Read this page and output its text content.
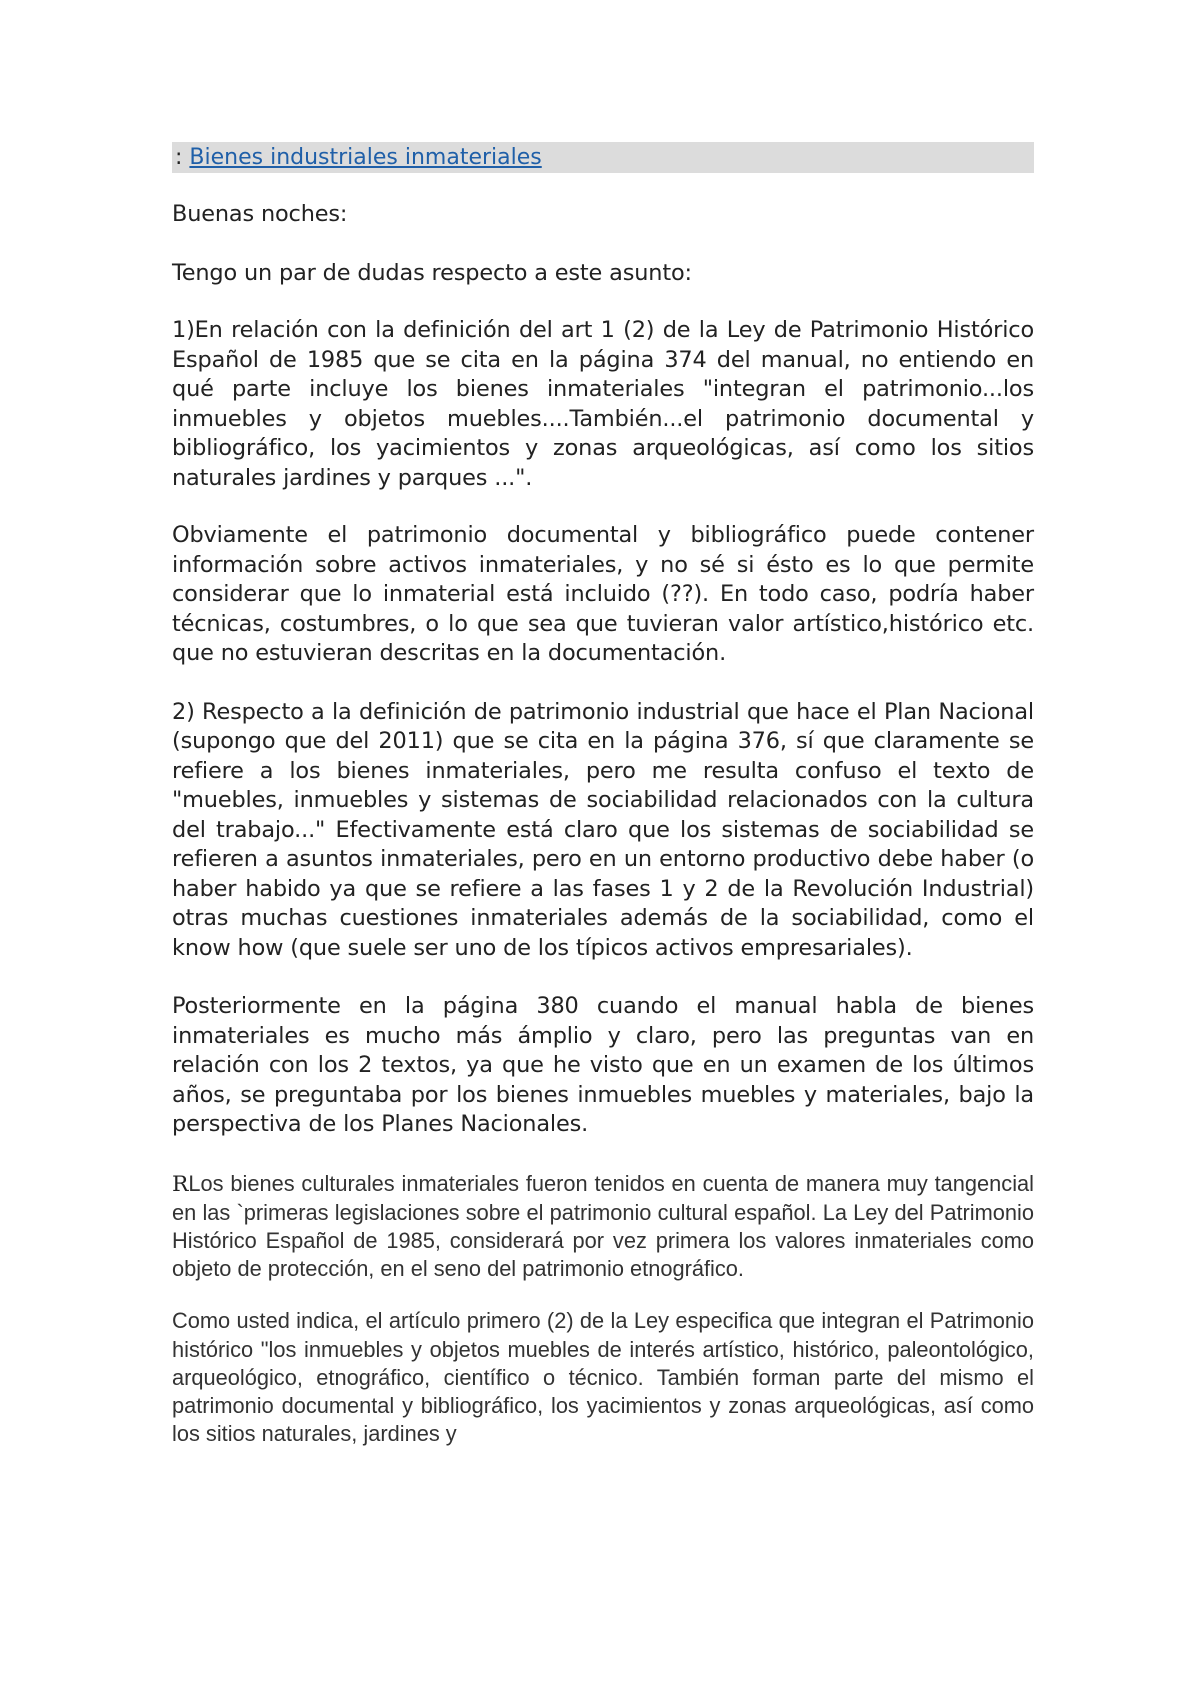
: Bienes industriales inmateriales

Buenas noches:

Tengo un par de dudas respecto a este asunto:

1)En relación con la definición del art 1 (2) de la Ley de Patrimonio Histórico Español de 1985 que se cita en la página 374 del manual, no entiendo en qué parte incluye los bienes inmateriales "integran el patrimonio...los inmuebles y objetos muebles....También...el patrimonio documental y bibliográfico, los yacimientos y zonas arqueológicas, así como los sitios naturales jardines y parques ...".

Obviamente el patrimonio documental y bibliográfico puede contener información sobre activos inmateriales, y no sé si ésto es lo que permite considerar que lo inmaterial está incluido (??). En todo caso, podría haber técnicas, costumbres, o lo que sea que tuvieran valor artístico,histórico etc. que no estuvieran descritas en la documentación.

2) Respecto a la definición de patrimonio industrial que hace el Plan Nacional (supongo que del 2011) que se cita en la página 376, sí que claramente se refiere a los bienes inmateriales, pero me resulta confuso el texto de "muebles, inmuebles y sistemas de sociabilidad relacionados con la cultura del trabajo..." Efectivamente está claro que los sistemas de sociabilidad se refieren a asuntos inmateriales, pero en un entorno productivo debe haber (o haber habido ya que se refiere a las fases 1 y 2 de la Revolución Industrial) otras muchas cuestiones inmateriales además de la sociabilidad, como el know how (que suele ser uno de los típicos activos empresariales).

Posteriormente en la página 380 cuando el manual habla de bienes inmateriales es mucho más ámplio y claro, pero las preguntas van en relación con los 2 textos, ya que he visto que en un examen de los últimos años, se preguntaba por los bienes inmuebles muebles y materiales, bajo la perspectiva de los Planes Nacionales.

RLos bienes culturales inmateriales fueron tenidos en cuenta de manera muy tangencial en las `primeras legislaciones sobre el patrimonio cultural español. La Ley del Patrimonio Histórico Español de 1985, considerará por vez primera los valores inmateriales como objeto de protección, en el seno del patrimonio etnográfico.

Como usted indica, el artículo primero (2) de la Ley especifica que integran el Patrimonio histórico "los inmuebles y objetos muebles de interés artístico, histórico, paleontológico, arqueológico, etnográfico, científico o técnico. También forman parte del mismo el patrimonio documental y bibliográfico, los yacimientos y zonas arqueológicas, así como los sitios naturales, jardines y
